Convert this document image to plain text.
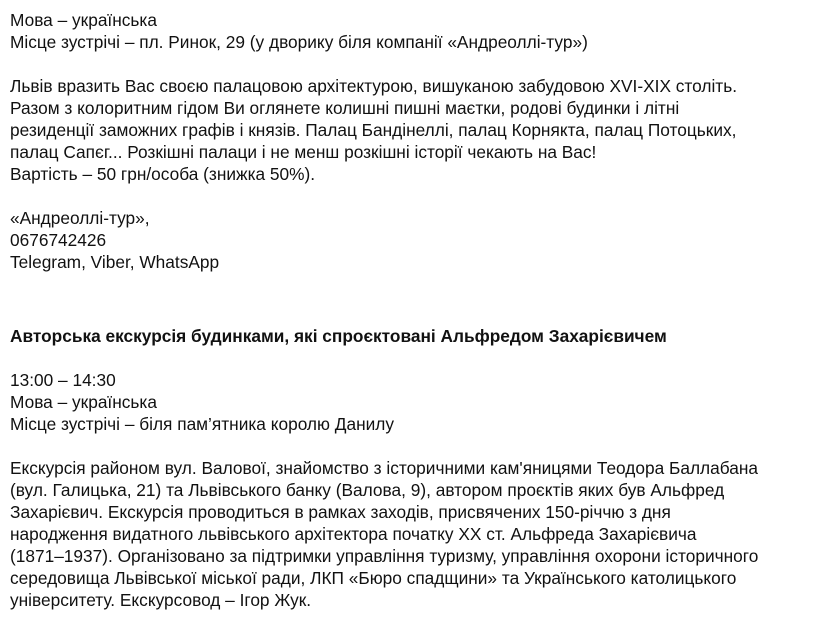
Мова – українська
Місце зустрічі – пл. Ринок, 29 (у дворику біля компанії «Андреоллі-тур»)
Львів вразить Вас своєю палацовою архітектурою, вишуканою забудовою XVI-XIX століть.
Разом з колоритним гідом Ви оглянете колишні пишні маєтки, родові будинки і літні
резиденції заможних графів і князів. Палац Бандінеллі, палац Корнякта, палац Потоцьких,
палац Сапєг... Розкішні палаци і не менш розкішні історії чекають на Вас!
Вартість – 50 грн/особа (знижка 50%).
«Андреоллі-тур»,
0676742426
Telegram, Viber, WhatsApp
Авторська екскурсія будинками, які спроєктовані Альфредом Захарієвичем
13:00 – 14:30
Мова – українська
Місце зустрічі – біля пам’ятника королю Данилу
Екскурсія районом вул. Валової, знайомство з історичними кам'яницями Теодора Баллабана
(вул. Галицька, 21) та Львівського банку (Валова, 9), автором проєктів яких був Альфред
Захарієвич. Екскурсія проводиться в рамках заходів, присвячених 150-річчю з дня
народження видатного львівського архітектора початку XX ст. Альфреда Захарієвича
(1871–1937). Організовано за підтримки управління туризму, управління охорони історичного
середовища Львівської міської ради, ЛКП «Бюро спадщини» та Українського католицького
університету. Екскурсовод – Ігор Жук.
